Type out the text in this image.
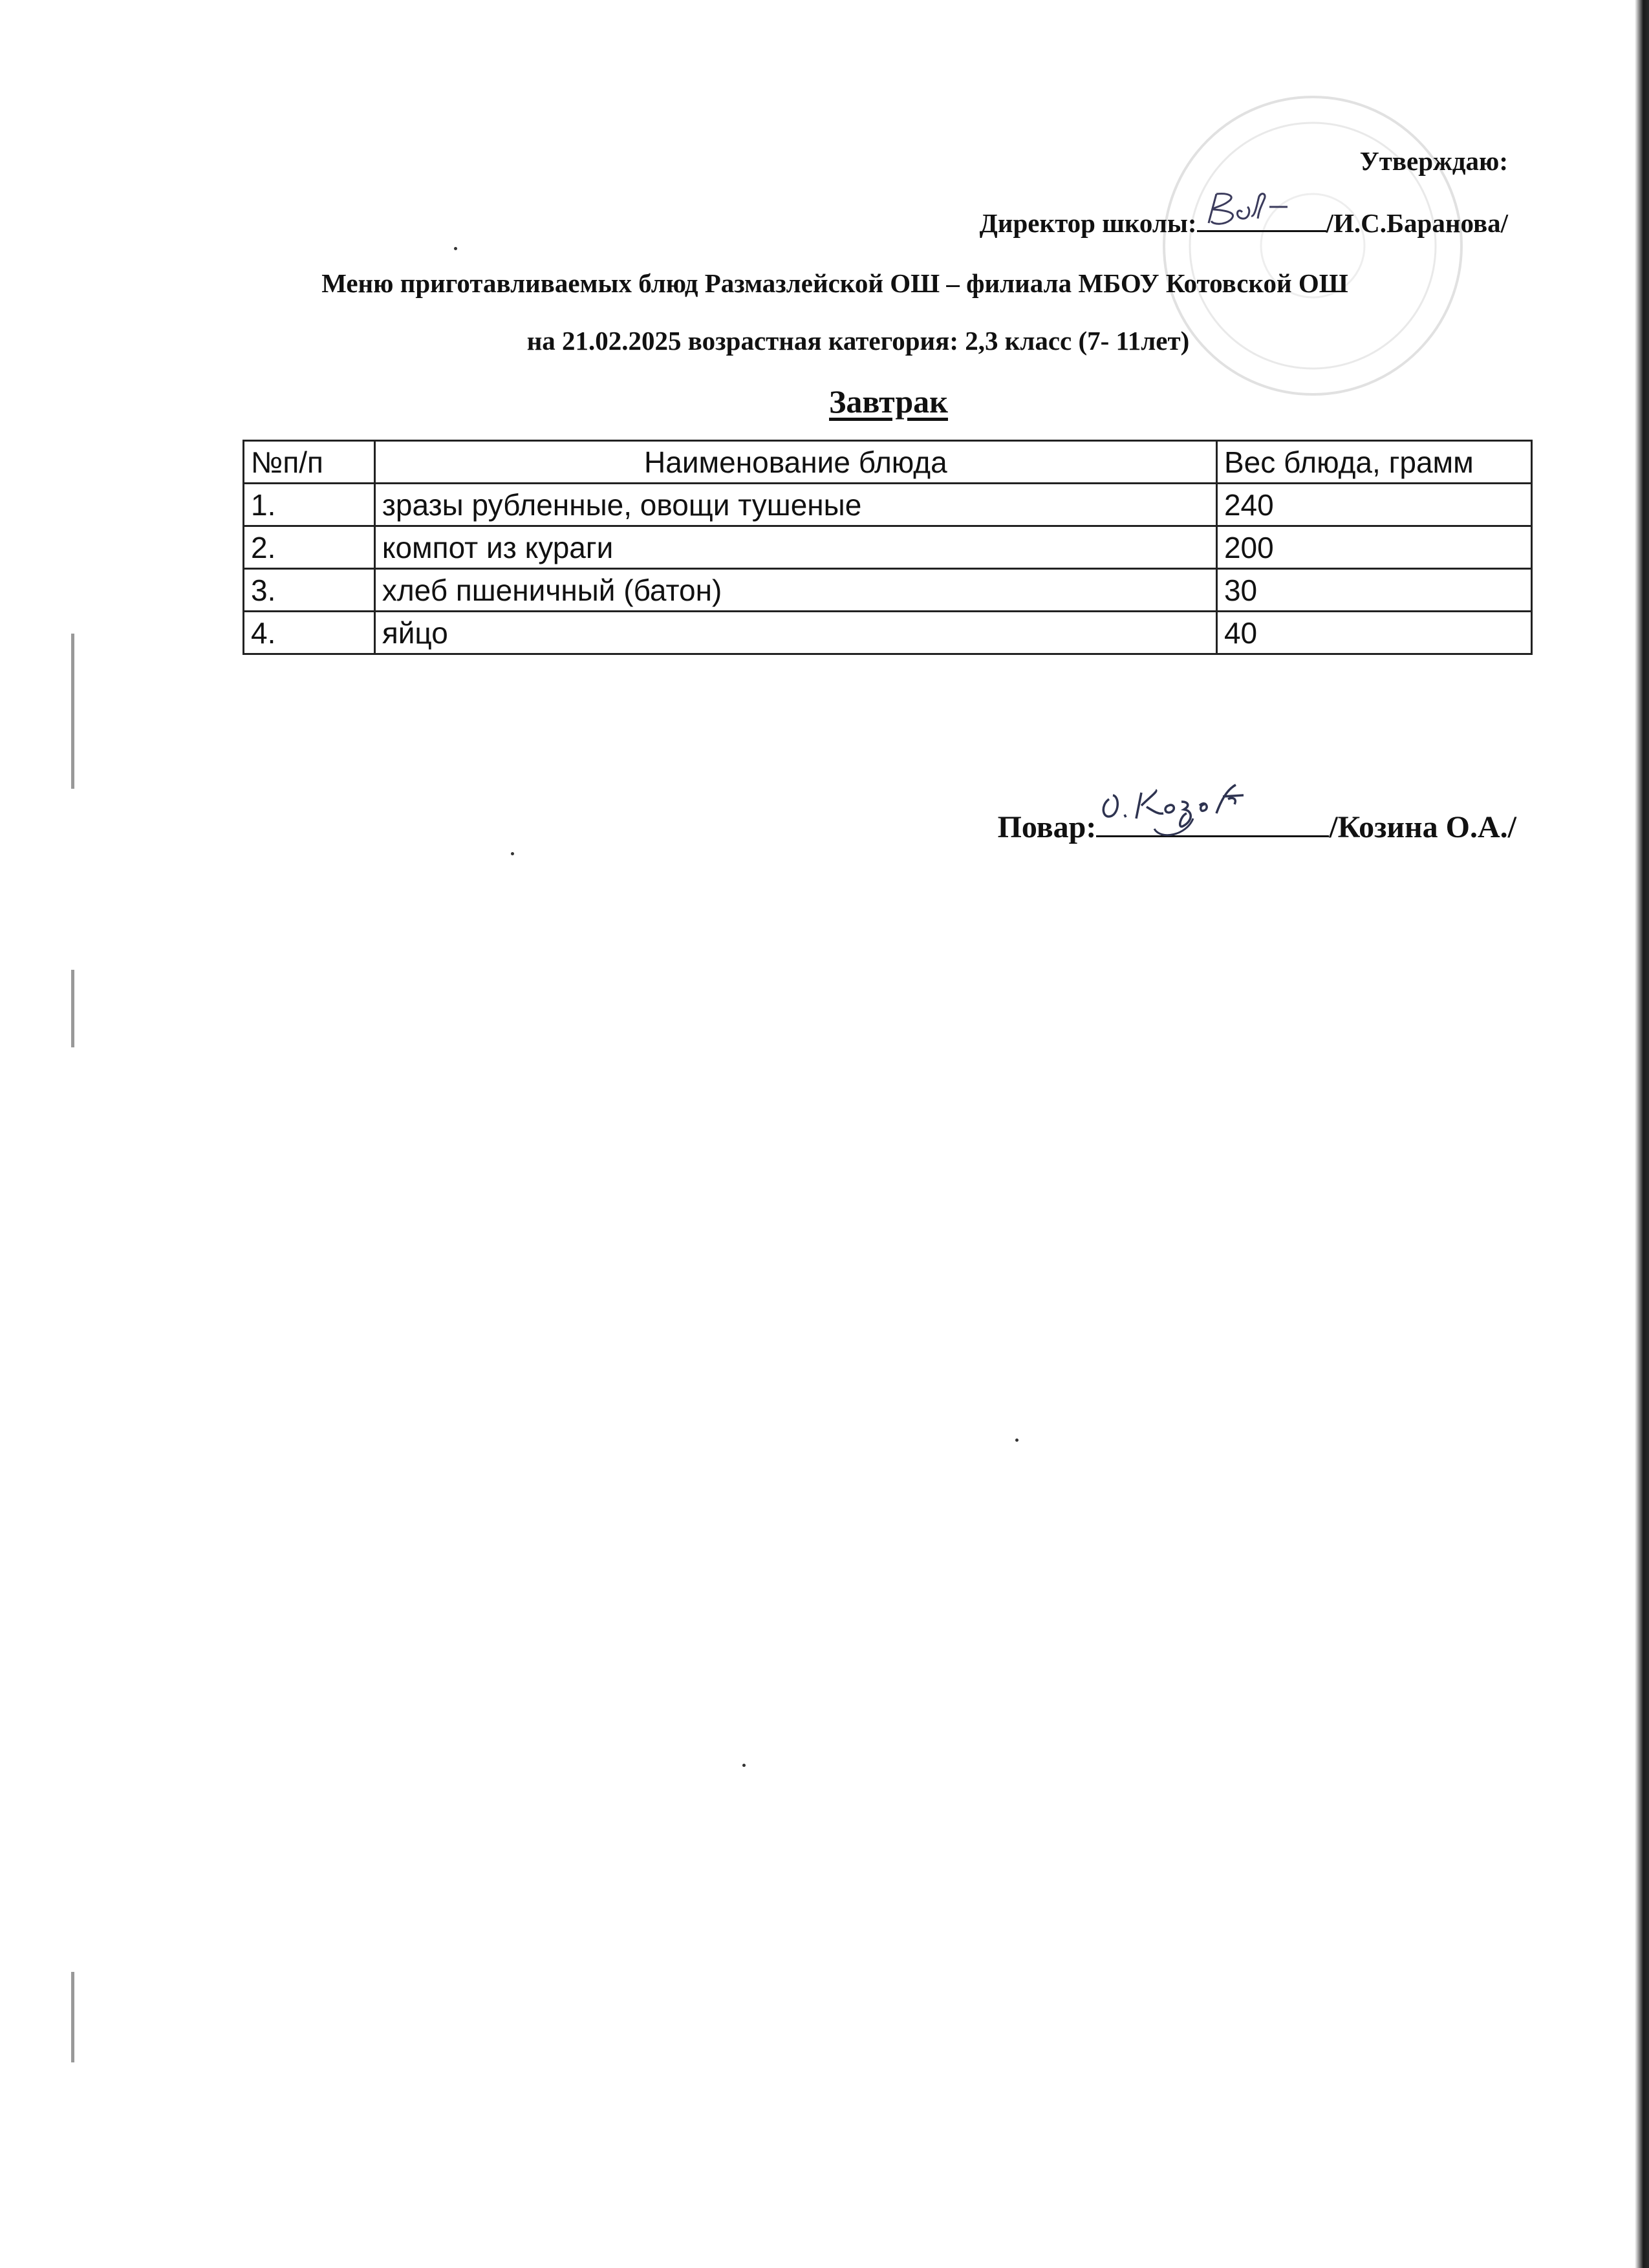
Утверждаю:
Директор школы:	/И.С.Баранова/
Меню приготавливаемых блюд Размазлейской ОШ – филиала МБОУ Котовской ОШ
на 21.02.2025 возрастная категория: 2,3 класс (7- 11лет)
Завтрак
№п/п	Наименование блюда	Вес блюда, грамм
1.	зразы рубленные, овощи тушеные	240
2.	компот из кураги	200
3.	хлеб пшеничный (батон)	30
4.	яйцо	40
Повар:	/Козина О.А./
